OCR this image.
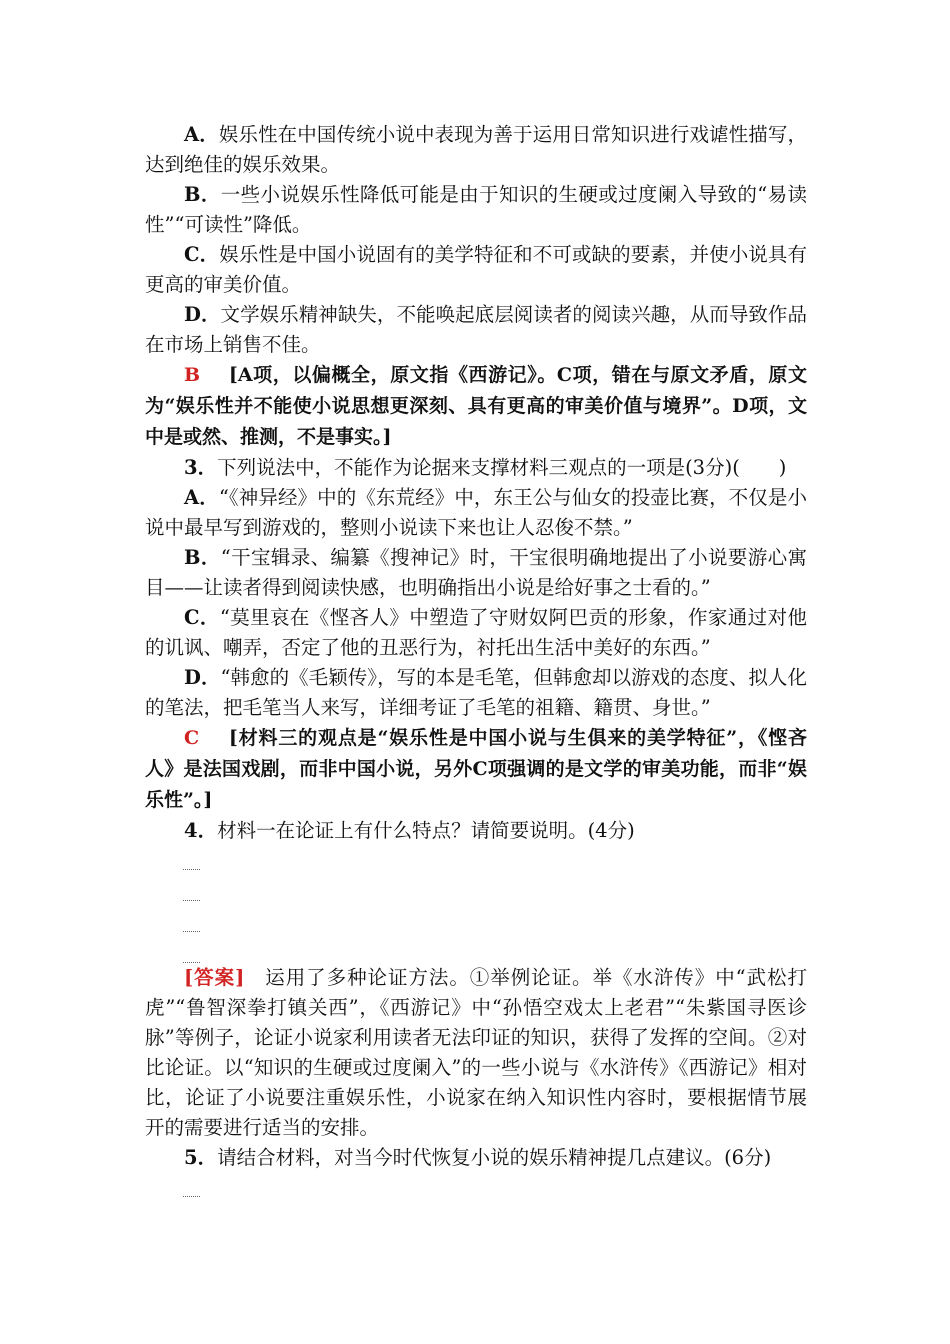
A．娱乐性在中国传统小说中表现为善于运用日常知识进行戏谑性描写，达到绝佳的娱乐效果。

B．一些小说娱乐性降低可能是由于知识的生硬或过度阑入导致的“易读性”“可读性”降低。

C．娱乐性是中国小说固有的美学特征和不可或缺的要素，并使小说具有更高的审美价值。

D．文学娱乐精神缺失，不能唤起底层阅读者的阅读兴趣，从而导致作品在市场上销售不佳。

B [A项，以偏概全，原文指《西游记》。C项，错在与原文矛盾，原文为“娱乐性并不能使小说思想更深刻、具有更高的审美价值与境界”。D项，文中是或然、推测，不是事实。]

3．下列说法中，不能作为论据来支撑材料三观点的一项是(3分)(　　)

A．“《神异经》中的《东荒经》中，东王公与仙女的投壶比赛，不仅是小说中最早写到游戏的，整则小说读下来也让人忍俊不禁。”

B．“干宝辑录、编纂《搜神记》时，干宝很明确地提出了小说要游心寓目——让读者得到阅读快感，也明确指出小说是给好事之士看的。”

C．“莫里哀在《悭吝人》中塑造了守财奴阿巴贡的形象，作家通过对他的讥讽、嘲弄，否定了他的丑恶行为，衬托出生活中美好的东西。”

D．“韩愈的《毛颖传》，写的本是毛笔，但韩愈却以游戏的态度、拟人化的笔法，把毛笔当人来写，详细考证了毛笔的祖籍、籍贯、身世。”

C [材料三的观点是“娱乐性是中国小说与生俱来的美学特征”，《悭吝人》是法国戏剧，而非中国小说，另外C项强调的是文学的审美功能，而非“娱乐性”。]

4．材料一在论证上有什么特点？请简要说明。(4分)

[答案] 运用了多种论证方法。①举例论证。举《水浒传》中“武松打虎”“鲁智深拳打镇关西”，《西游记》中“孙悟空戏太上老君”“朱紫国寻医诊脉”等例子，论证小说家利用读者无法印证的知识，获得了发挥的空间。②对比论证。以“知识的生硬或过度阑入”的一些小说与《水浒传》《西游记》相对比，论证了小说要注重娱乐性，小说家在纳入知识性内容时，要根据情节展开的需要进行适当的安排。

5．请结合材料，对当今时代恢复小说的娱乐精神提几点建议。(6分)
